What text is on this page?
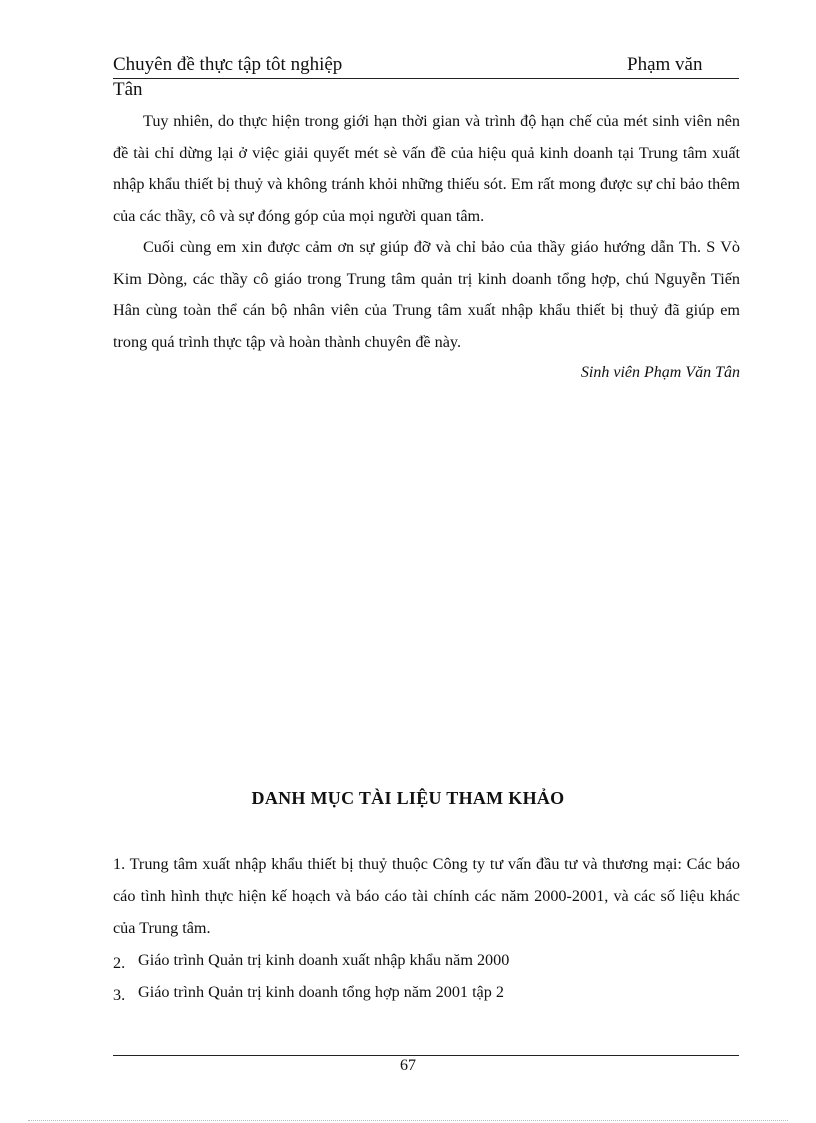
Chuyên đề thực tập tôt nghiệp	Phạm văn
Tân

Tuy nhiên, do thực hiện trong giới hạn thời gian và trình độ hạn chế của mét sinh viên nên đề tài chỉ dừng lại ở việc giải quyết mét sè vấn đề của hiệu quả kinh doanh tại Trung tâm xuất nhập khẩu thiết bị thuỷ và không tránh khỏi những thiếu sót. Em rất mong được sự chỉ bảo thêm của các thầy, cô và sự đóng góp của mọi người quan tâm.

Cuối cùng em xin được cảm ơn sự giúp đỡ và chỉ bảo của thầy giáo hướng dẫn Th. S Vò Kim Dòng, các thầy cô giáo trong Trung tâm quản trị kinh doanh tổng hợp, chú Nguyễn Tiến Hân cùng toàn thể cán bộ nhân viên của Trung tâm xuất nhập khẩu thiết bị thuỷ đã giúp em trong quá trình thực tập và hoàn thành chuyên đề này.

Sinh viên Phạm Văn Tân
DANH MỤC TÀI LIỆU THAM KHẢO

1. Trung tâm xuất nhập khẩu thiết bị thuỷ thuộc Công ty tư vấn đầu tư và thương mại: Các báo cáo tình hình thực hiện kế hoạch và báo cáo tài chính các năm 2000-2001, và các số liệu khác của Trung tâm.

2. Giáo trình Quản trị kinh doanh xuất nhập khẩu năm 2000

3. Giáo trình Quản trị kinh doanh tổng hợp năm 2001 tập 2

67
